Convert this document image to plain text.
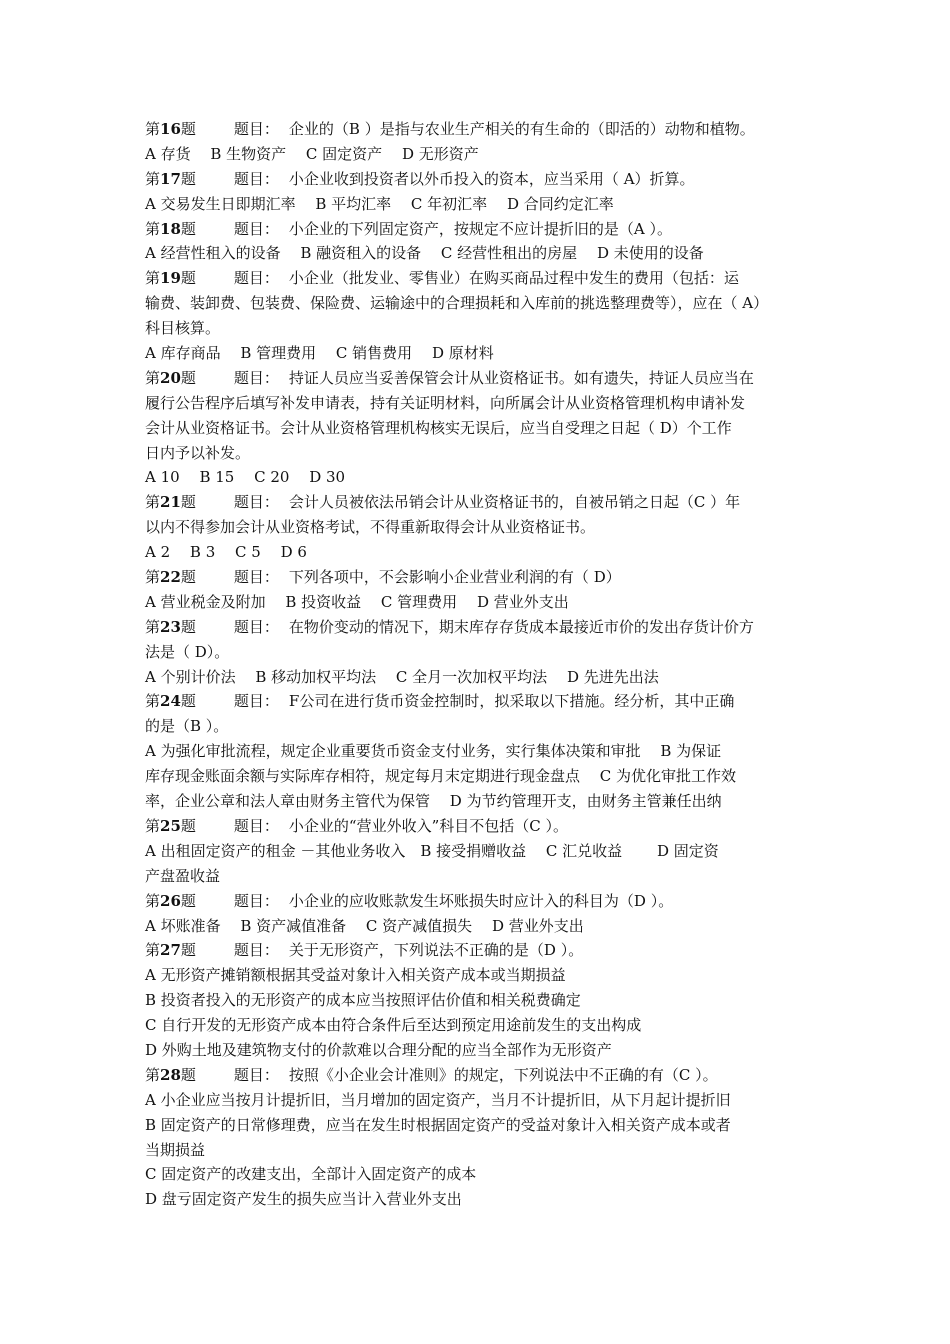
第16题	题目： 企业的（B ）是指与农业生产相关的有生命的（即活的）动物和植物。
A 存货　 B 生物资产　 C 固定资产　 D 无形资产
第17题	题目： 小企业收到投资者以外币投入的资本，应当采用（ A）折算。
A 交易发生日即期汇率　 B 平均汇率　 C 年初汇率　 D 合同约定汇率
第18题	题目： 小企业的下列固定资产，按规定不应计提折旧的是（A ）。
A 经营性租入的设备　 B 融资租入的设备　 C 经营性租出的房屋　 D 未使用的设备
第19题	题目： 小企业（批发业、零售业）在购买商品过程中发生的费用（包括：运
输费、装卸费、包装费、保险费、运输途中的合理损耗和入库前的挑选整理费等），应在（ A）
科目核算。
A 库存商品　 B 管理费用　 C 销售费用　 D 原材料
第20题	题目： 持证人员应当妥善保管会计从业资格证书。如有遗失，持证人员应当在
履行公告程序后填写补发申请表，持有关证明材料，向所属会计从业资格管理机构申请补发
会计从业资格证书。会计从业资格管理机构核实无误后，应当自受理之日起（ D）个工作
日内予以补发。
A 10　 B 15　 C 20　 D 30
第21题	题目： 会计人员被依法吊销会计从业资格证书的，自被吊销之日起（C ）年
以内不得参加会计从业资格考试，不得重新取得会计从业资格证书。
A 2　 B 3　 C 5　 D 6
第22题	题目： 下列各项中，不会影响小企业营业利润的有（ D）
A 营业税金及附加　 B 投资收益　 C 管理费用　 D 营业外支出
第23题	题目： 在物价变动的情况下，期末库存存货成本最接近市价的发出存货计价方
法是（ D）。
A 个别计价法　 B 移动加权平均法　 C 全月一次加权平均法　 D 先进先出法
第24题	题目： F公司在进行货币资金控制时，拟采取以下措施。经分析，其中正确
的是（B ）。
A 为强化审批流程，规定企业重要货币资金支付业务，实行集体决策和审批　 B 为保证
库存现金账面余额与实际库存相符，规定每月末定期进行现金盘点　 C 为优化审批工作效
率，企业公章和法人章由财务主管代为保管　 D 为节约管理开支，由财务主管兼任出纳
第25题	题目： 小企业的“营业外收入”科目不包括（C ）。
A 出租固定资产的租金 －其他业务收入　B 接受捐赠收益　 C 汇兑收益　　 D 固定资
产盘盈收益
第26题	题目： 小企业的应收账款发生坏账损失时应计入的科目为（D ）。
A 坏账准备　 B 资产减值准备　 C 资产减值损失　 D 营业外支出
第27题	题目： 关于无形资产，下列说法不正确的是（D ）。
A 无形资产摊销额根据其受益对象计入相关资产成本或当期损益
B 投资者投入的无形资产的成本应当按照评估价值和相关税费确定
C 自行开发的无形资产成本由符合条件后至达到预定用途前发生的支出构成
D 外购土地及建筑物支付的价款难以合理分配的应当全部作为无形资产
第28题	题目： 按照《小企业会计准则》的规定，下列说法中不正确的有（C ）。
A 小企业应当按月计提折旧，当月增加的固定资产，当月不计提折旧，从下月起计提折旧
B 固定资产的日常修理费，应当在发生时根据固定资产的受益对象计入相关资产成本或者
当期损益
C 固定资产的改建支出，全部计入固定资产的成本
D 盘亏固定资产发生的损失应当计入营业外支出
